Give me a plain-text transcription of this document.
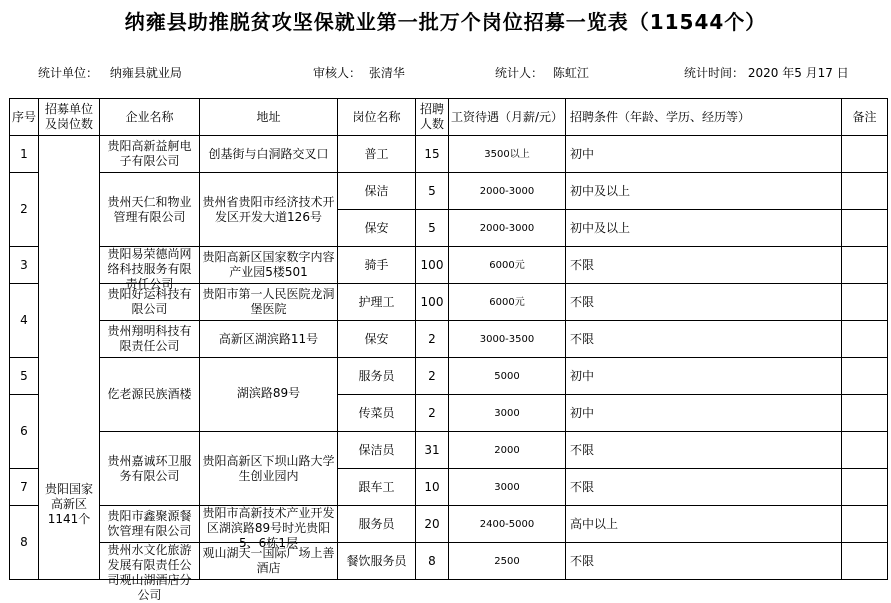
纳雍县助推脱贫攻坚保就业第一批万个岗位招募一览表（11544个）
统计单位： 纳雍县就业局	审核人： 张清华	统计人： 陈虹江	统计时间： 2020 年5 月17 日
序号	招募单位及岗位数	企业名称	地址	岗位名称	招聘人数	工资待遇（月薪/元）	招聘条件（年龄、学历、经历等）	备注
1	贵阳国家高新区1141个	贵阳高新益舸电子有限公司	创基街与白洞路交叉口	普工	15	3500以上	初中	
2		贵州天仁和物业管理有限公司	贵州省贵阳市经济技术开发区开发大道126号	保洁	5	2000-3000	初中及以上	
				保安	5	2000-3000	初中及以上	
3		贵阳易荣德尚网络科技服务有限责任公司	贵阳高新区国家数字内容产业园5楼501	骑手	100	6000元	不限	
4		贵阳好运科技有限公司	贵阳市第一人民医院龙洞堡医院	护理工	100	6000元	不限	
		贵州翔明科技有限责任公司	高新区湖滨路11号	保安	2	3000-3500	不限	
5		仡老源民族酒楼	湖滨路89号	服务员	2	5000	初中	
6				传菜员	2	3000	初中	
		贵州嘉诚环卫服务有限公司	贵阳高新区下坝山路大学生创业园内	保洁员	31	2000	不限	
7				跟车工	10	3000	不限	
8		贵阳市鑫聚源餐饮管理有限公司	贵阳市高新技术产业开发区湖滨路89号时光贵阳5、6栋1层	服务员	20	2400-5000	高中以上	

		贵州水文化旅游发展有限责任公司观山湖酒店分公司	观山湖天一国际广场上善酒店	餐饮服务员	8	2500	不限	
